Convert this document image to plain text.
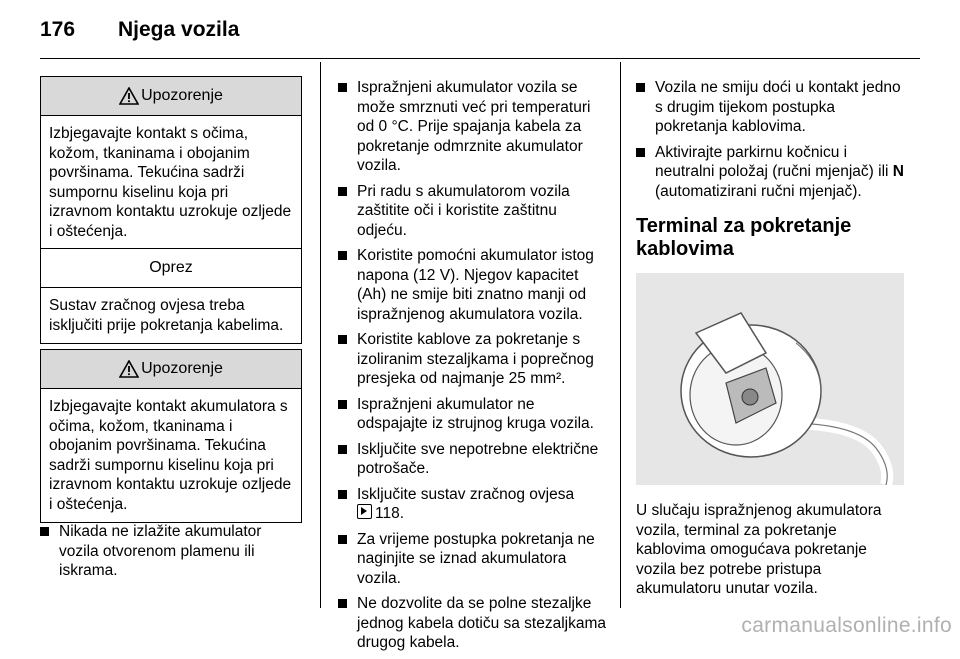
176 Njega vozila
Upozorenje
Izbjegavajte kontakt s očima, kožom, tkaninama i obojanim površinama. Tekućina sadrži sumpornu kiselinu koja pri izravnom kontaktu uzrokuje ozljede i oštećenja.
Oprez
Sustav zračnog ovjesa treba isključiti prije pokretanja kabelima.
Upozorenje
Izbjegavajte kontakt akumulatora s očima, kožom, tkaninama i obojanim površinama. Tekućina sadrži sumpornu kiselinu koja pri izravnom kontaktu uzrokuje ozljede i oštećenja.
Nikada ne izlažite akumulator vozila otvorenom plamenu ili iskrama.
Ispražnjeni akumulator vozila se može smrznuti već pri temperaturi od 0 °C. Prije spajanja kabela za pokretanje odmrznite akumulator vozila.
Pri radu s akumulatorom vozila zaštitite oči i koristite zaštitnu odjeću.
Koristite pomoćni akumulator istog napona (12 V). Njegov kapacitet (Ah) ne smije biti znatno manji od ispražnjenog akumulatora vozila.
Koristite kablove za pokretanje s izoliranim stezaljkama i poprečnog presjeka od najmanje 25 mm².
Ispražnjeni akumulator ne odspajajte iz strujnog kruga vozila.
Isključite sve nepotrebne električne potrošače.
Isključite sustav zračnog ovjesa
118.
Za vrijeme postupka pokretanja ne naginjite se iznad akumulatora vozila.
Ne dozvolite da se polne stezaljke jednog kabela dotiču sa stezaljkama drugog kabela.
Vozila ne smiju doći u kontakt jedno s drugim tijekom postupka pokretanja kablovima.
Aktivirajte parkirnu kočnicu i neutralni položaj (ručni mjenjač) ili N (automatizirani ručni mjenjač).
Terminal za pokretanje kablovima
U slučaju ispražnjenog akumulatora vozila, terminal za pokretanje kablovima omogućava pokretanje vozila bez potrebe pristupa akumulatoru unutar vozila.
carmanualsonline.info
